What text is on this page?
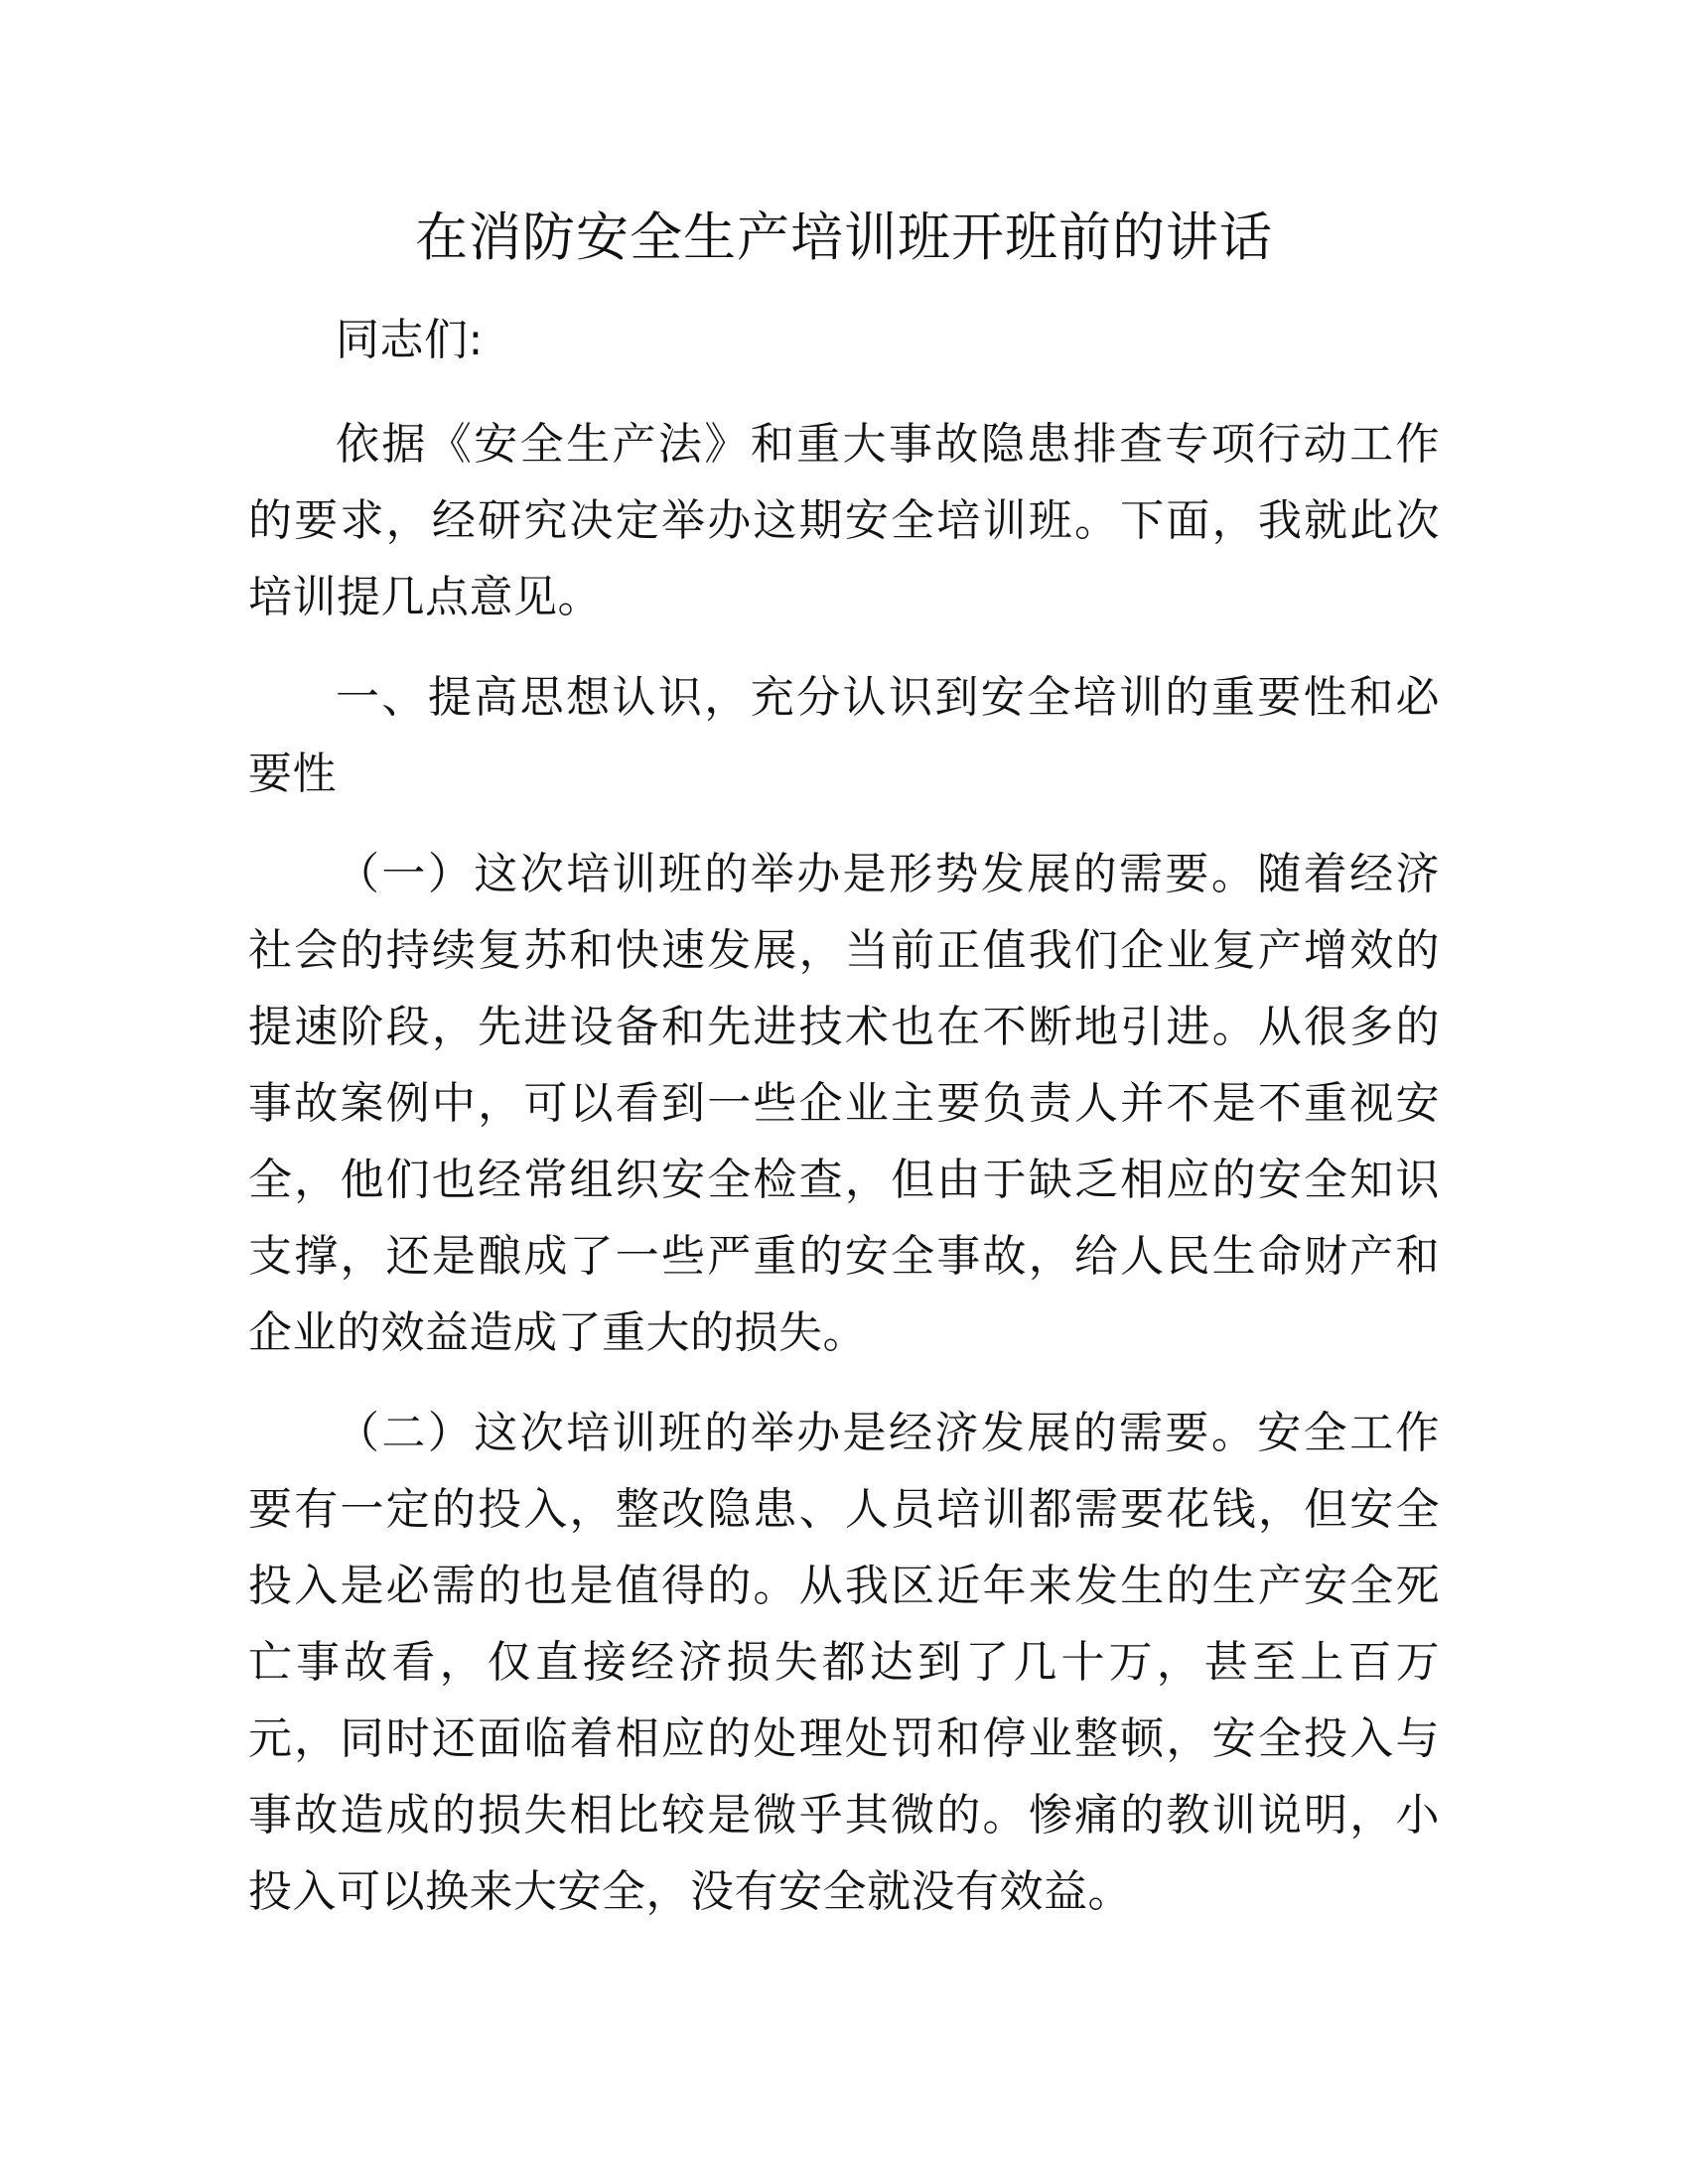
在消防安全生产培训班开班前的讲话

同志们:

依据《安全生产法》和重大事故隐患排查专项行动工作的要求，经研究决定举办这期安全培训班。下面，我就此次培训提几点意见。

一、提高思想认识，充分认识到安全培训的重要性和必要性

（一）这次培训班的举办是形势发展的需要。随着经济社会的持续复苏和快速发展，当前正值我们企业复产增效的提速阶段，先进设备和先进技术也在不断地引进。从很多的事故案例中，可以看到一些企业主要负责人并不是不重视安全，他们也经常组织安全检查，但由于缺乏相应的安全知识支撑，还是酿成了一些严重的安全事故，给人民生命财产和企业的效益造成了重大的损失。

（二）这次培训班的举办是经济发展的需要。安全工作要有一定的投入，整改隐患、人员培训都需要花钱，但安全投入是必需的也是值得的。从我区近年来发生的生产安全死亡事故看，仅直接经济损失都达到了几十万，甚至上百万元，同时还面临着相应的处理处罚和停业整顿，安全投入与事故造成的损失相比较是微乎其微的。惨痛的教训说明，小投入可以换来大安全，没有安全就没有效益。
